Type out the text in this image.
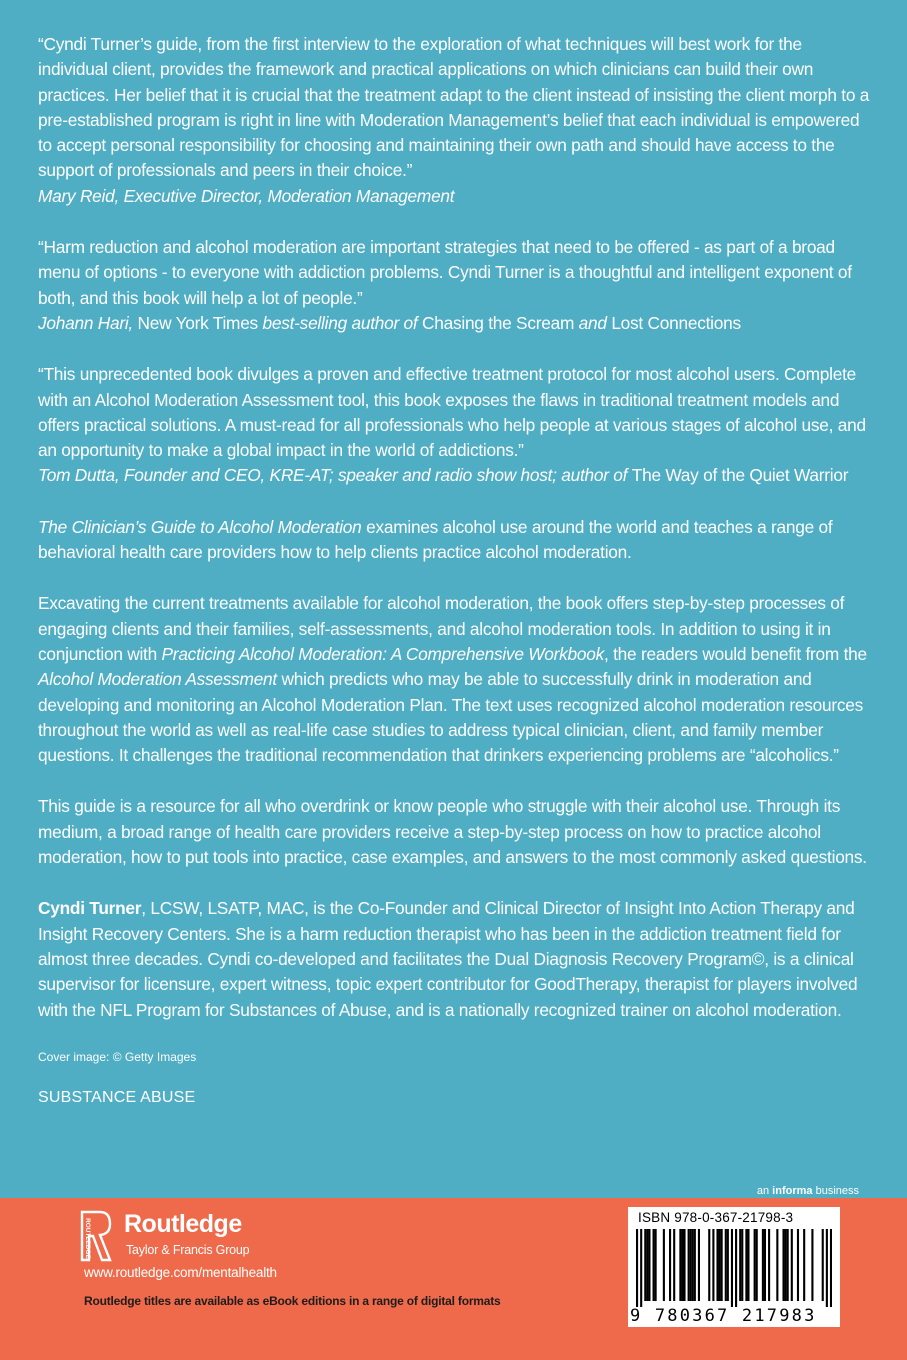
“Cyndi Turner’s guide, from the first interview to the exploration of what techniques will best work for the individual client, provides the framework and practical applications on which clinicians can build their own practices. Her belief that it is crucial that the treatment adapt to the client instead of insisting the client morph to a pre-established program is right in line with Moderation Management’s belief that each individual is empowered to accept personal responsibility for choosing and maintaining their own path and should have access to the support of professionals and peers in their choice.”

Mary Reid, Executive Director, Moderation Management

“Harm reduction and alcohol moderation are important strategies that need to be offered - as part of a broad menu of options - to everyone with addiction problems. Cyndi Turner is a thoughtful and intelligent exponent of both, and this book will help a lot of people.”

Johann Hari, New York Times best-selling author of Chasing the Scream and Lost Connections

“This unprecedented book divulges a proven and effective treatment protocol for most alcohol users. Complete with an Alcohol Moderation Assessment tool, this book exposes the flaws in traditional treatment models and offers practical solutions. A must-read for all professionals who help people at various stages of alcohol use, and an opportunity to make a global impact in the world of addictions.”

Tom Dutta, Founder and CEO, KRE-AT; speaker and radio show host; author of The Way of the Quiet Warrior

The Clinician’s Guide to Alcohol Moderation examines alcohol use around the world and teaches a range of behavioral health care providers how to help clients practice alcohol moderation.

Excavating the current treatments available for alcohol moderation, the book offers step-by-step processes of engaging clients and their families, self-assessments, and alcohol moderation tools. In addition to using it in conjunction with Practicing Alcohol Moderation: A Comprehensive Workbook, the readers would benefit from the Alcohol Moderation Assessment which predicts who may be able to successfully drink in moderation and developing and monitoring an Alcohol Moderation Plan. The text uses recognized alcohol moderation resources throughout the world as well as real-life case studies to address typical clinician, client, and family member questions. It challenges the traditional recommendation that drinkers experiencing problems are “alcoholics.”

This guide is a resource for all who overdrink or know people who struggle with their alcohol use. Through its medium, a broad range of health care providers receive a step-by-step process on how to practice alcohol moderation, how to put tools into practice, case examples, and answers to the most commonly asked questions.

Cyndi Turner, LCSW, LSATP, MAC, is the Co-Founder and Clinical Director of Insight Into Action Therapy and Insight Recovery Centers. She is a harm reduction therapist who has been in the addiction treatment field for almost three decades. Cyndi co-developed and facilitates the Dual Diagnosis Recovery Program©, is a clinical supervisor for licensure, expert witness, topic expert contributor for GoodTherapy, therapist for players involved with the NFL Program for Substances of Abuse, and is a nationally recognized trainer on alcohol moderation.

Cover image: © Getty Images
SUBSTANCE ABUSE
an informa business
ROUTLEDGE Routledge
Taylor & Francis Group
www.routledge.com/mentalhealth
Routledge titles are available as eBook editions in a range of digital formats
ISBN 978-0-367-21798-3
9 780367 217983
